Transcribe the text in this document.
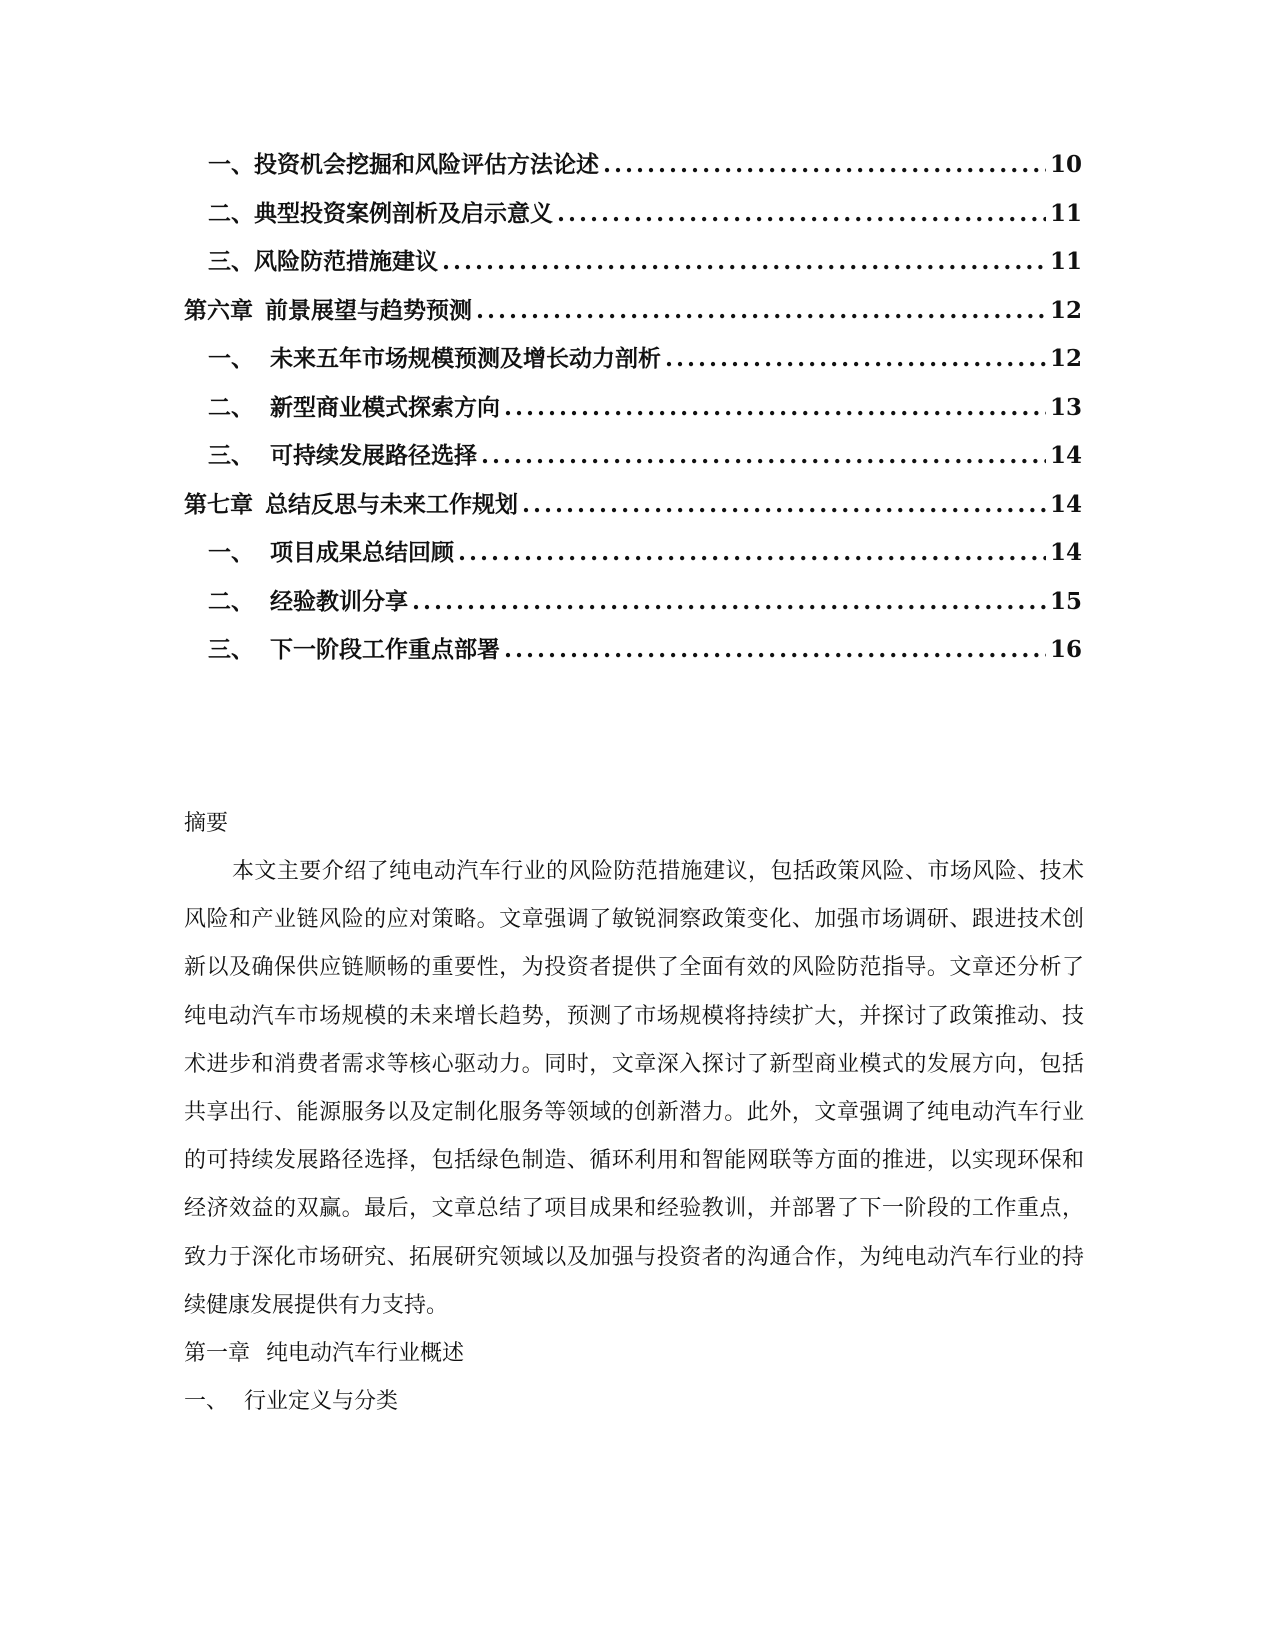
一、 投资机会挖掘和风险评估方法论述 .....	10
二、 典型投资案例剖析及启示意义 .....	11
三、 风险防范措施建议 .....	11
第六章 前景展望与趋势预测 .....	12
一、 未来五年市场规模预测及增长动力剖析 .....	12
二、 新型商业模式探索方向 .....	13
三、 可持续发展路径选择 .....	14
第七章 总结反思与未来工作规划 .....	14
一、 项目成果总结回顾 .....	14
二、 经验教训分享 .....	15
三、 下一阶段工作重点部署 .....	16
摘要

本文主要介绍了纯电动汽车行业的风险防范措施建议，包括政策风险、市场风险、技术风险和产业链风险的应对策略。文章强调了敏锐洞察政策变化、加强市场调研、跟进技术创新以及确保供应链顺畅的重要性，为投资者提供了全面有效的风险防范指导。文章还分析了纯电动汽车市场规模的未来增长趋势，预测了市场规模将持续扩大，并探讨了政策推动、技术进步和消费者需求等核心驱动力。同时，文章深入探讨了新型商业模式的发展方向，包括共享出行、能源服务以及定制化服务等领域的创新潜力。此外，文章强调了纯电动汽车行业的可持续发展路径选择，包括绿色制造、循环利用和智能网联等方面的推进，以实现环保和经济效益的双赢。最后，文章总结了项目成果和经验教训，并部署了下一阶段的工作重点，致力于深化市场研究、拓展研究领域以及加强与投资者的沟通合作，为纯电动汽车行业的持续健康发展提供有力支持。

第一章 纯电动汽车行业概述

一、 行业定义与分类
